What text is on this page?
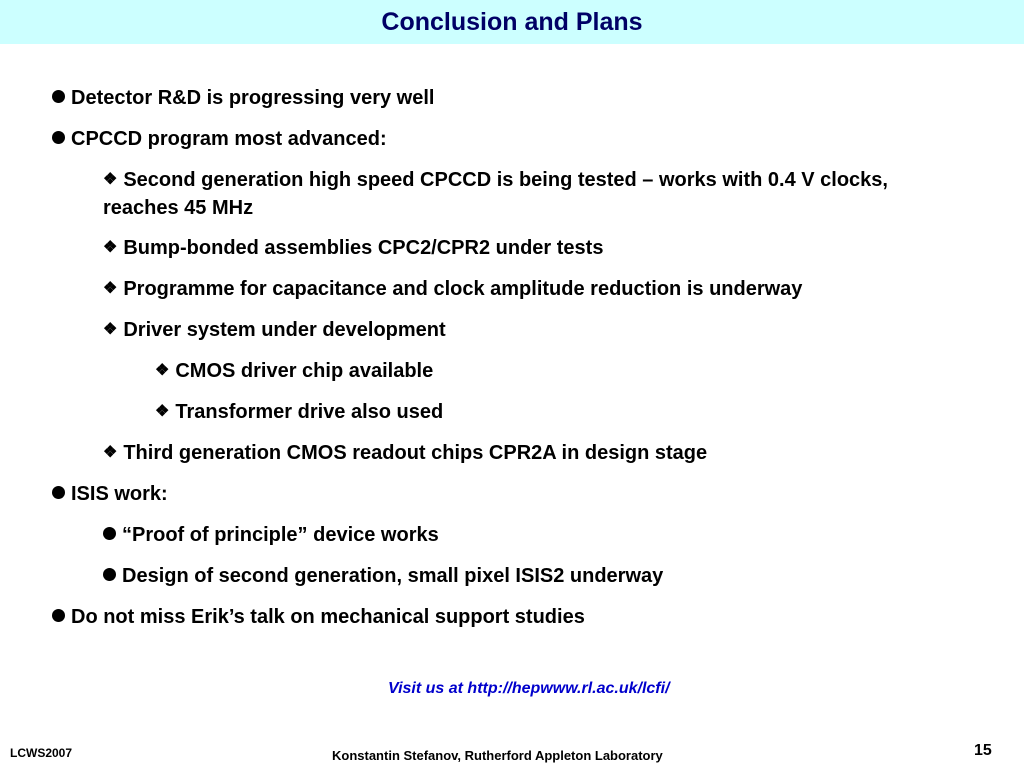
Conclusion and Plans
Detector R&D is progressing very well
CPCCD program most advanced:
❖ Second generation high speed CPCCD is being tested – works with 0.4 V clocks, reaches 45 MHz
❖ Bump-bonded assemblies CPC2/CPR2 under tests
❖ Programme for capacitance and clock amplitude reduction is underway
❖ Driver system under development
❖ CMOS driver chip available
❖ Transformer drive also used
❖ Third generation CMOS readout chips CPR2A in design stage
ISIS work:
“Proof of principle” device works
Design of second generation, small pixel ISIS2 underway
Do not miss Erik’s talk on mechanical support studies
Visit us at http://hepwww.rl.ac.uk/lcfi/
LCWS2007	Konstantin Stefanov, Rutherford Appleton Laboratory	15
